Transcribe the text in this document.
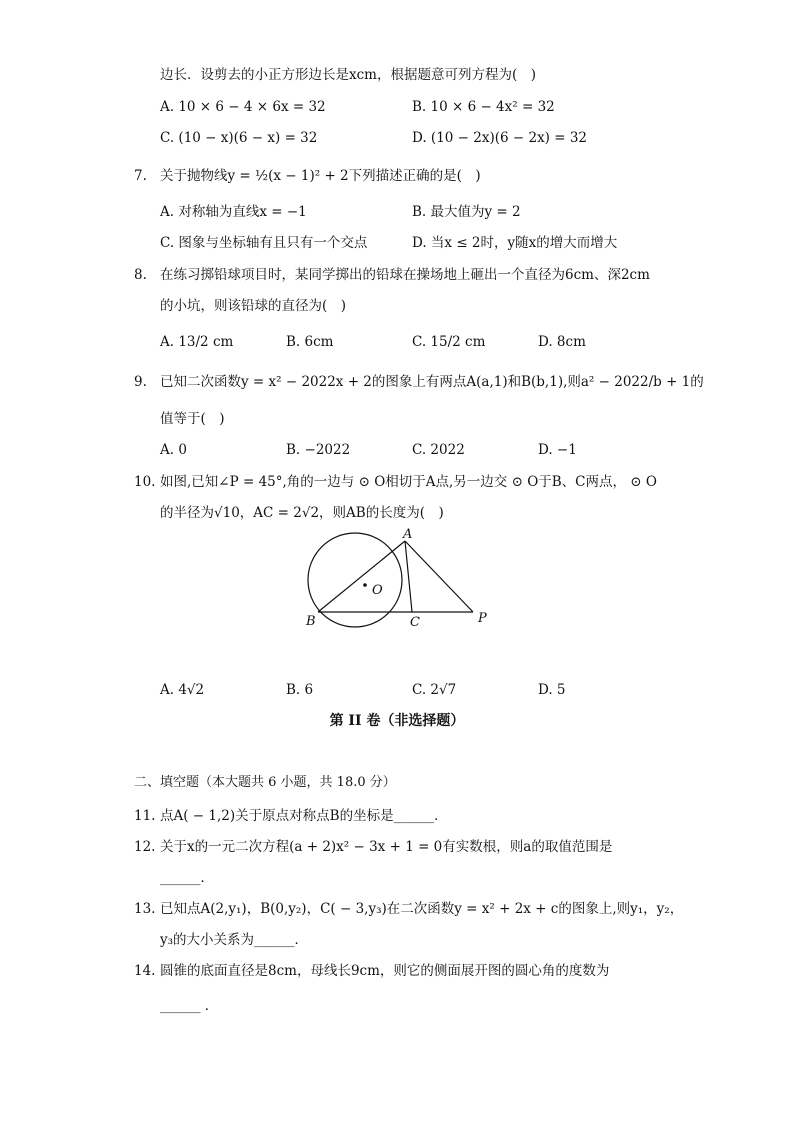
边长．设剪去的小正方形边长是xcm，根据题意可列方程为(　)
A. 10 × 6 − 4 × 6x = 32	B. 10 × 6 − 4x² = 32
C. (10 − x)(6 − x) = 32	D. (10 − 2x)(6 − 2x) = 32
7. 关于抛物线y = ½(x − 1)² + 2下列描述正确的是(　)
A. 对称轴为直线x = −1	B. 最大值为y = 2
C. 图象与坐标轴有且只有一个交点	D. 当x ≤ 2时，y随x的增大而增大
8. 在练习掷铅球项目时，某同学掷出的铅球在操场地上砸出一个直径为6cm、深2cm
的小坑，则该铅球的直径为(　)
A. 13/2 cm	B. 6cm	C. 15/2 cm	D. 8cm
9. 已知二次函数y = x² − 2022x + 2的图象上有两点A(a,1)和B(b,1),则a² − 2022/b + 1的
值等于(　)
A. 0	B. −2022	C. 2022	D. −1
10. 如图,已知∠P = 45°,角的一边与 ⊙ O相切于A点,另一边交 ⊙ O于B、C两点， ⊙ O
的半径为√10，AC = 2√2，则AB的长度为(　)
A
O
B	C	P
A. 4√2	B. 6	C. 2√7	D. 5
第 II 卷（非选择题）
二、填空题（本大题共 6 小题，共 18.0 分）
11. 点A( − 1,2)关于原点对称点B的坐标是______．
12. 关于x的一元二次方程(a + 2)x² − 3x + 1 = 0有实数根，则a的取值范围是
______．
13. 已知点A(2,y₁)，B(0,y₂)，C( − 3,y₃)在二次函数y = x² + 2x + c的图象上,则y₁，y₂，
y₃的大小关系为______．
14. 圆锥的底面直径是8cm，母线长9cm，则它的侧面展开图的圆心角的度数为
______ ．
